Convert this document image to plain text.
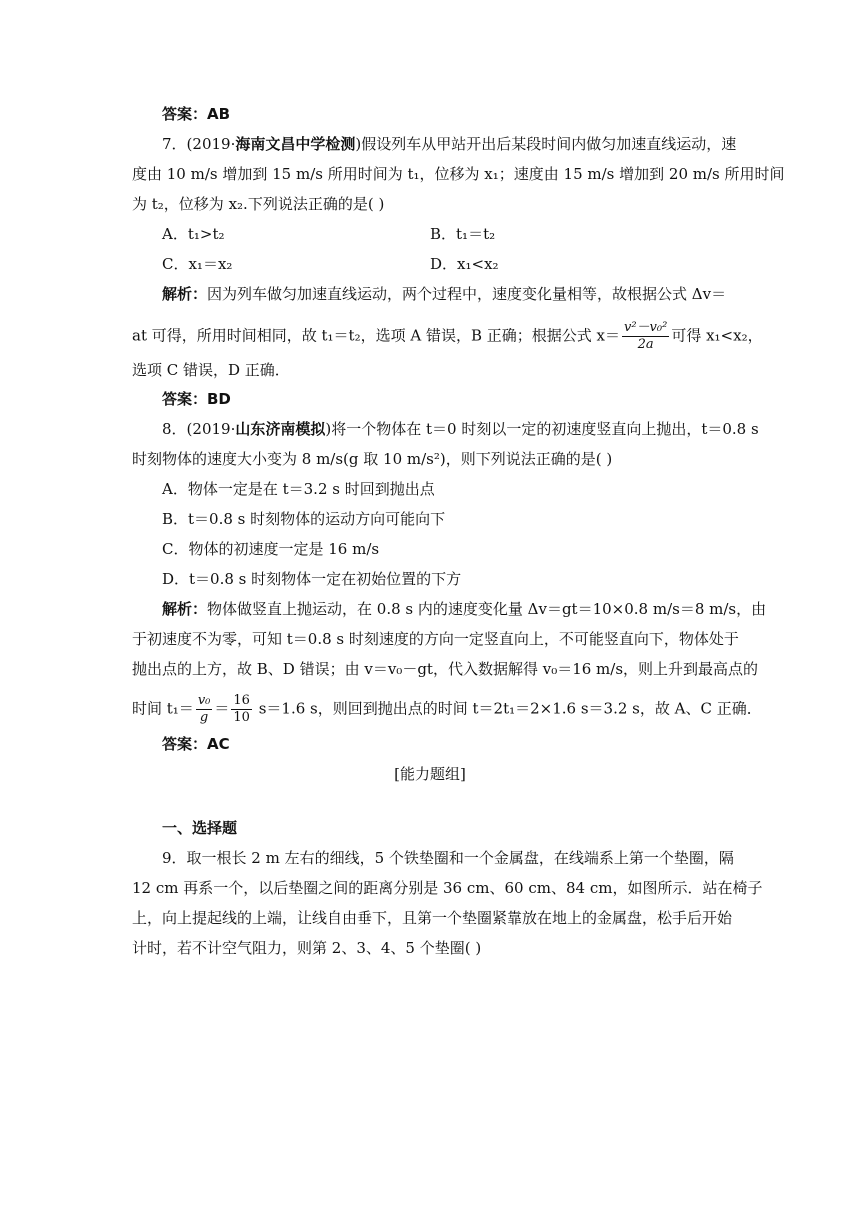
答案：AB
7．(2019·海南文昌中学检测)假设列车从甲站开出后某段时间内做匀加速直线运动，速
度由 10 m/s 增加到 15 m/s 所用时间为 t₁，位移为 x₁；速度由 15 m/s 增加到 20 m/s 所用时间
为 t₂，位移为 x₂.下列说法正确的是( )
A．t₁>t₂	B．t₁＝t₂
C．x₁＝x₂	D．x₁<x₂
解析：因为列车做匀加速直线运动，两个过程中，速度变化量相等，故根据公式 Δv＝
at 可得，所用时间相同，故 t₁＝t₂，选项 A 错误，B 正确；根据公式 $x= \frac{\text{v²－v₀²}}{2a}$ 可得 x₁<x₂，
选项 C 错误，D 正确．
答案：BD
8．(2019·山东济南模拟)将一个物体在 t＝0 时刻以一定的初速度竖直向上抛出，t＝0.8 s
时刻物体的速度大小变为 8 m/s(g 取 10 m/s²)，则下列说法正确的是( )
A．物体一定是在 t＝3.2 s 时回到抛出点
B．t＝0.8 s 时刻物体的运动方向可能向下
C．物体的初速度一定是 16 m/s
D．t＝0.8 s 时刻物体一定在初始位置的下方
解析：物体做竖直上抛运动，在 0.8 s 内的速度变化量 Δv＝gt＝10×0.8 m/s＝8 m/s，由
于初速度不为零，可知 t＝0.8 s 时刻速度的方向一定竖直向上，不可能竖直向下，物体处于
抛出点的上方，故 B、D 错误；由 v＝v₀－gt，代入数据解得 v₀＝16 m/s，则上升到最高点的
时间 $t_1= \frac{\text{v₀}}{g} = \frac{16}{10} s=1.6$ s，则回到抛出点的时间 t＝2t₁＝2×1.6 s＝3.2 s，故 A、C 正确．
答案：AC
[能力题组]
一、选择题
9．取一根长 2 m 左右的细线，5 个铁垫圈和一个金属盘，在线端系上第一个垫圈，隔
12 cm 再系一个，以后垫圈之间的距离分别是 36 cm、60 cm、84 cm，如图所示．站在椅子
上，向上提起线的上端，让线自由垂下，且第一个垫圈紧靠放在地上的金属盘，松手后开始
计时，若不计空气阻力，则第 2、3、4、5 个垫圈( )
